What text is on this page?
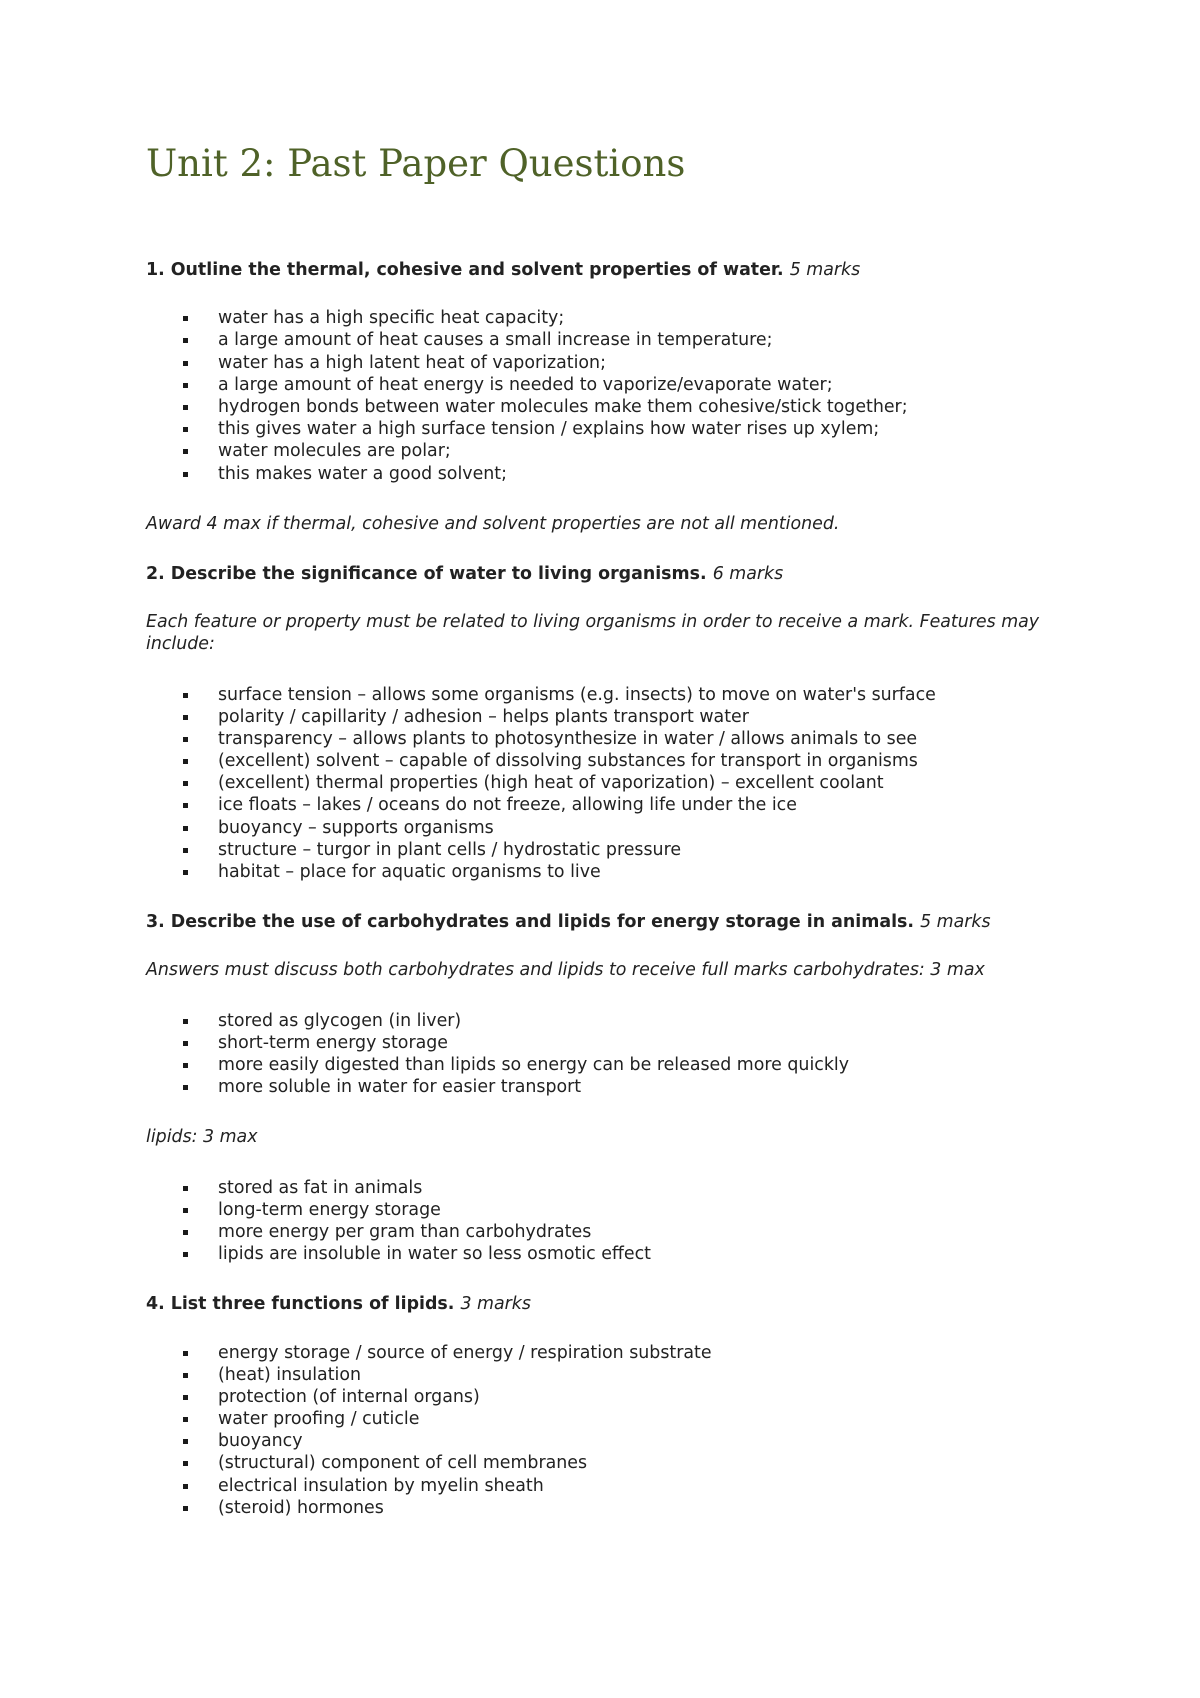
Unit 2: Past Paper Questions

1. Outline the thermal, cohesive and solvent properties of water. 5 marks

water has a high specific heat capacity;
a large amount of heat causes a small increase in temperature;
water has a high latent heat of vaporization;
a large amount of heat energy is needed to vaporize/evaporate water;
hydrogen bonds between water molecules make them cohesive/stick together;
this gives water a high surface tension / explains how water rises up xylem;
water molecules are polar;
this makes water a good solvent;

Award 4 max if thermal, cohesive and solvent properties are not all mentioned.

2. Describe the significance of water to living organisms. 6 marks

Each feature or property must be related to living organisms in order to receive a mark. Features may include:

surface tension – allows some organisms (e.g. insects) to move on water's surface
polarity / capillarity / adhesion – helps plants transport water
transparency – allows plants to photosynthesize in water / allows animals to see
(excellent) solvent – capable of dissolving substances for transport in organisms
(excellent) thermal properties (high heat of vaporization) – excellent coolant
ice floats – lakes / oceans do not freeze, allowing life under the ice
buoyancy – supports organisms
structure – turgor in plant cells / hydrostatic pressure
habitat – place for aquatic organisms to live

3. Describe the use of carbohydrates and lipids for energy storage in animals. 5 marks

Answers must discuss both carbohydrates and lipids to receive full marks carbohydrates: 3 max

stored as glycogen (in liver)
short-term energy storage
more easily digested than lipids so energy can be released more quickly
more soluble in water for easier transport

lipids: 3 max

stored as fat in animals
long-term energy storage
more energy per gram than carbohydrates
lipids are insoluble in water so less osmotic effect

4. List three functions of lipids. 3 marks

energy storage / source of energy / respiration substrate
(heat) insulation
protection (of internal organs)
water proofing / cuticle
buoyancy
(structural) component of cell membranes
electrical insulation by myelin sheath
(steroid) hormones
